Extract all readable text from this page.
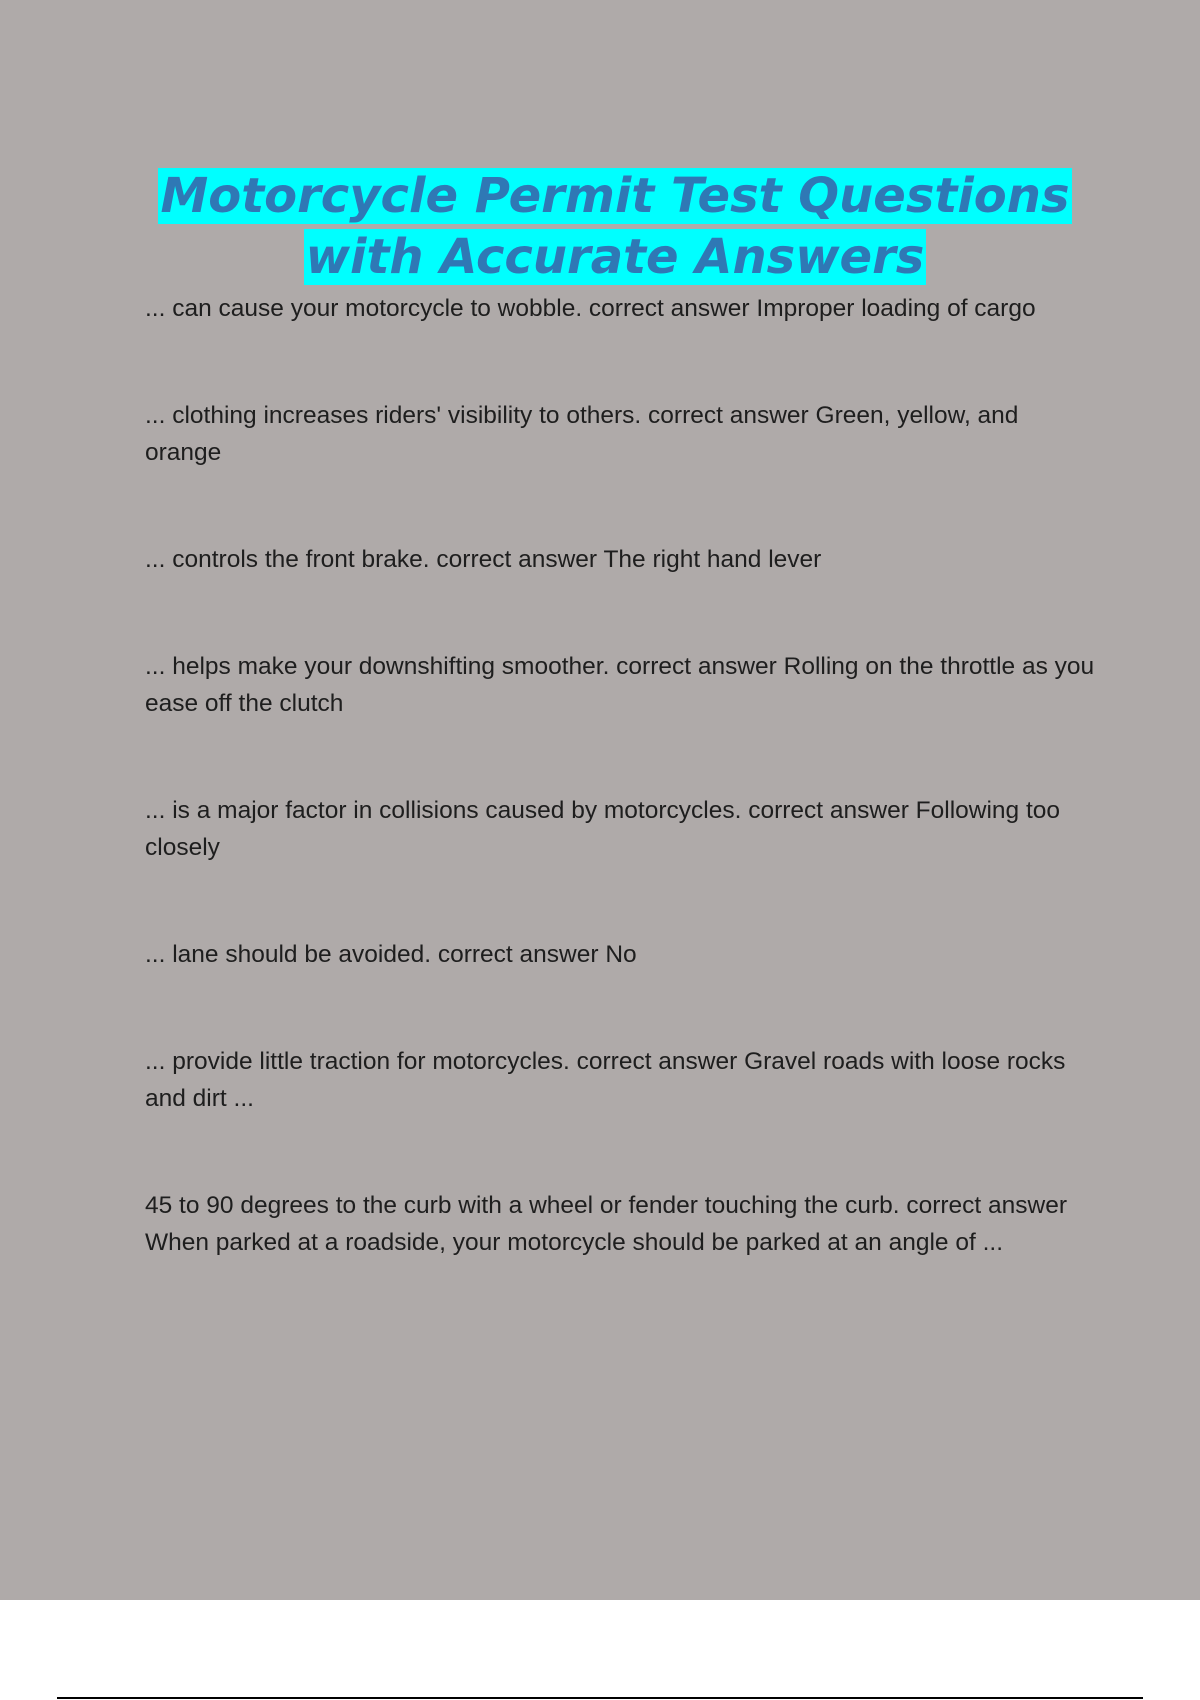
Motorcycle Permit Test Questions with Accurate Answers
... can cause your motorcycle to wobble. correct answer Improper loading of cargo
... clothing increases riders' visibility to others. correct answer Green, yellow, and orange
... controls the front brake. correct answer The right hand lever
... helps make your downshifting smoother. correct answer Rolling on the throttle as you ease off the clutch
... is a major factor in collisions caused by motorcycles. correct answer Following too closely
... lane should be avoided. correct answer No
... provide little traction for motorcycles. correct answer Gravel roads with loose rocks and dirt ...
45 to 90 degrees to the curb with a wheel or fender touching the curb. correct answer When parked at a roadside, your motorcycle should be parked at an angle of ...
